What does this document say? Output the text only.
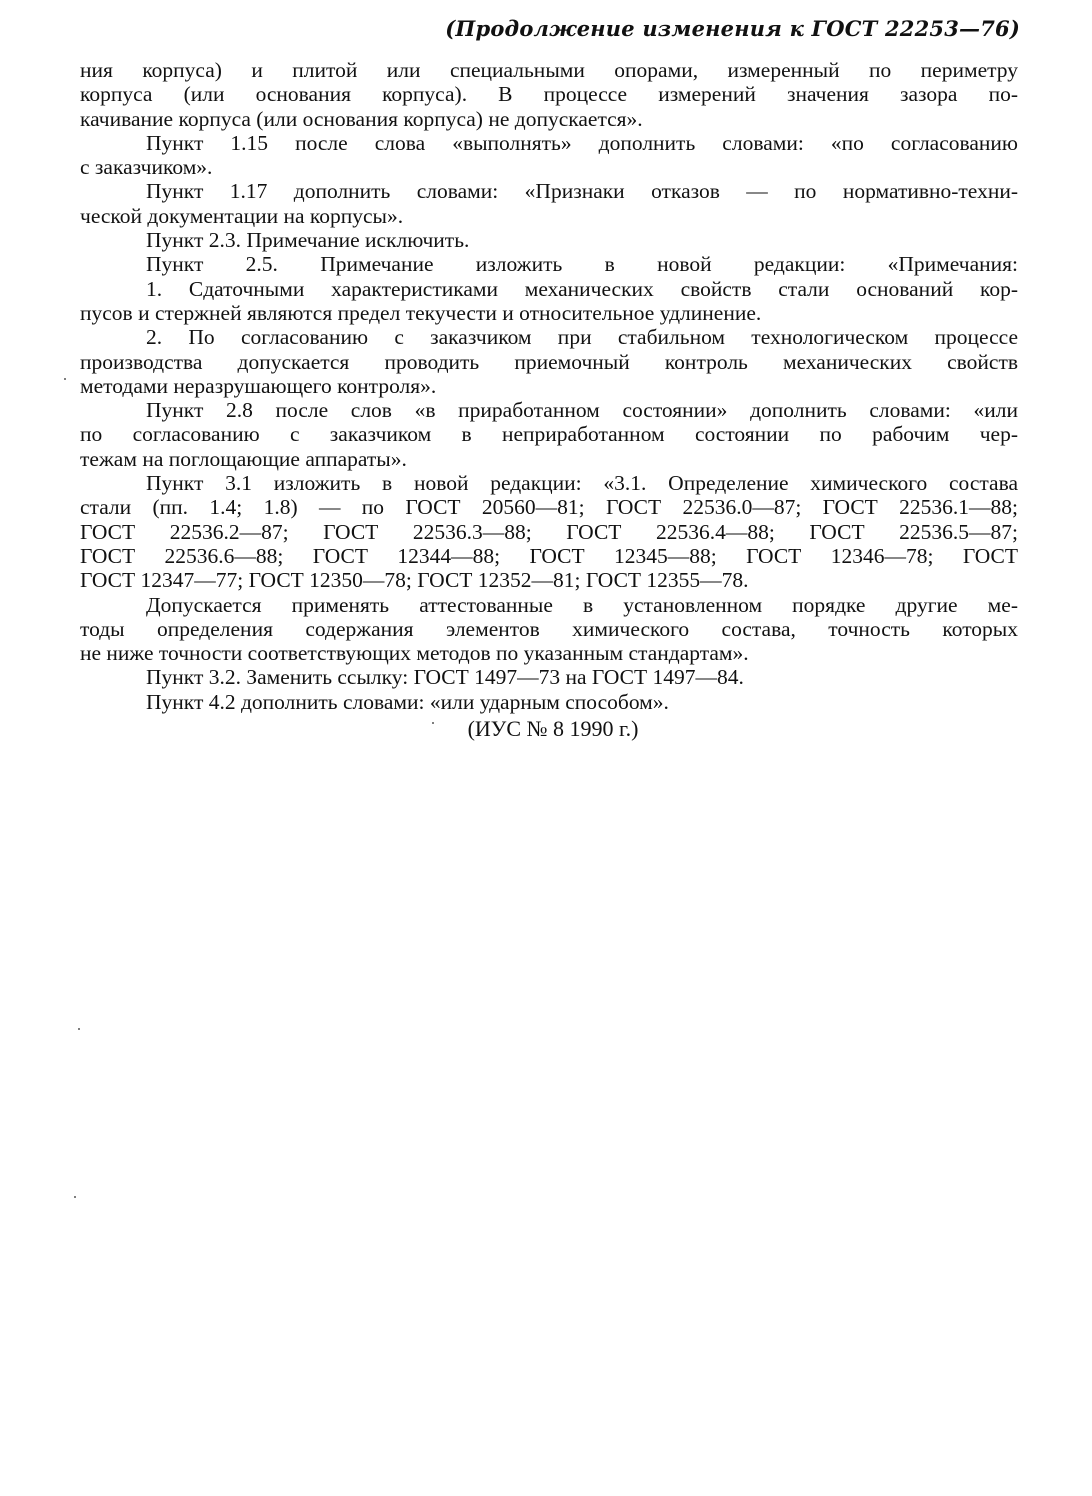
(Продолжение изменения к ГОСТ 22253—76)
ния корпуса) и плитой или специальными опорами, измеренный по периметру
корпуса (или основания корпуса). В процессе измерений значения зазора по-
качивание корпуса (или основания корпуса) не допускается».
Пункт 1.15 после слова «выполнять» дополнить словами: «по согласованию
с заказчиком».
Пункт 1.17 дополнить словами: «Признаки отказов — по нормативно-техни-
ческой документации на корпусы».
Пункт 2.3. Примечание исключить.
Пункт 2.5. Примечание изложить в новой редакции: «Примечания:
1. Сдаточными характеристиками механических свойств стали оснований кор-
пусов и стержней являются предел текучести и относительное удлинение.
2. По согласованию с заказчиком при стабильном технологическом процессе
производства допускается проводить приемочный контроль механических свойств
методами неразрушающего контроля».
Пункт 2.8 после слов «в приработанном состоянии» дополнить словами: «или
по согласованию с заказчиком в неприработанном состоянии по рабочим чер-
тежам на поглощающие аппараты».
Пункт 3.1 изложить в новой редакции: «3.1. Определение химического состава
стали (пп. 1.4; 1.8) — по ГОСТ 20560—81; ГОСТ 22536.0—87; ГОСТ 22536.1—88;
ГОСТ 22536.2—87; ГОСТ 22536.3—88; ГОСТ 22536.4—88; ГОСТ 22536.5—87;
ГОСТ 22536.6—88; ГОСТ 12344—88; ГОСТ 12345—88; ГОСТ 12346—78; ГОСТ
ГОСТ 12347—77; ГОСТ 12350—78; ГОСТ 12352—81; ГОСТ 12355—78.
Допускается применять аттестованные в установленном порядке другие ме-
тоды определения содержания элементов химического состава, точность которых
не ниже точности соответствующих методов по указанным стандартам».
Пункт 3.2. Заменить ссылку: ГОСТ 1497—73 на ГОСТ 1497—84.
Пункт 4.2 дополнить словами: «или ударным способом».
(ИУС № 8 1990 г.)
